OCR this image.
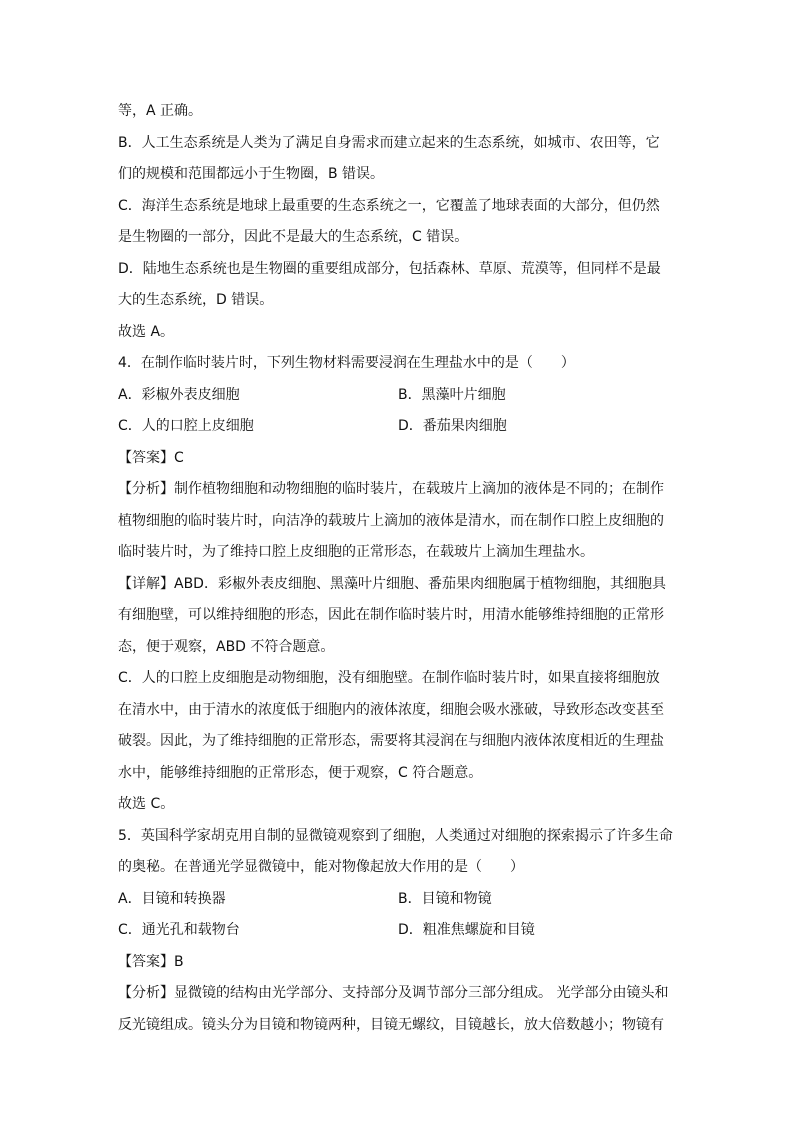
等，A 正确。
B．人工生态系统是人类为了满足自身需求而建立起来的生态系统，如城市、农田等，它
们的规模和范围都远小于生物圈，B 错误。
C．海洋生态系统是地球上最重要的生态系统之一，它覆盖了地球表面的大部分，但仍然
是生物圈的一部分，因此不是最大的生态系统，C 错误。
D．陆地生态系统也是生物圈的重要组成部分，包括森林、草原、荒漠等，但同样不是最
大的生态系统，D 错误。
故选 A。
4．在制作临时装片时，下列生物材料需要浸润在生理盐水中的是（　　）
A．彩椒外表皮细胞	B．黑藻叶片细胞
C．人的口腔上皮细胞	D．番茄果肉细胞
【答案】C
【分析】制作植物细胞和动物细胞的临时装片，在载玻片上滴加的液体是不同的；在制作
植物细胞的临时装片时，向洁净的载玻片上滴加的液体是清水，而在制作口腔上皮细胞的
临时装片时，为了维持口腔上皮细胞的正常形态，在载玻片上滴加生理盐水。
【详解】ABD．彩椒外表皮细胞、黑藻叶片细胞、番茄果肉细胞属于植物细胞，其细胞具
有细胞壁，可以维持细胞的形态，因此在制作临时装片时，用清水能够维持细胞的正常形
态，便于观察，ABD 不符合题意。
C．人的口腔上皮细胞是动物细胞，没有细胞壁。在制作临时装片时，如果直接将细胞放
在清水中，由于清水的浓度低于细胞内的液体浓度，细胞会吸水涨破，导致形态改变甚至
破裂。因此，为了维持细胞的正常形态，需要将其浸润在与细胞内液体浓度相近的生理盐
水中，能够维持细胞的正常形态，便于观察，C 符合题意。
故选 C。
5．英国科学家胡克用自制的显微镜观察到了细胞，人类通过对细胞的探索揭示了许多生命
的奥秘。在普通光学显微镜中，能对物像起放大作用的是（　　）
A．目镜和转换器	B．目镜和物镜
C．通光孔和载物台	D．粗准焦螺旋和目镜
【答案】B
【分析】显微镜的结构由光学部分、支持部分及调节部分三部分组成。 光学部分由镜头和
反光镜组成。镜头分为目镜和物镜两种，目镜无螺纹，目镜越长，放大倍数越小；物镜有
